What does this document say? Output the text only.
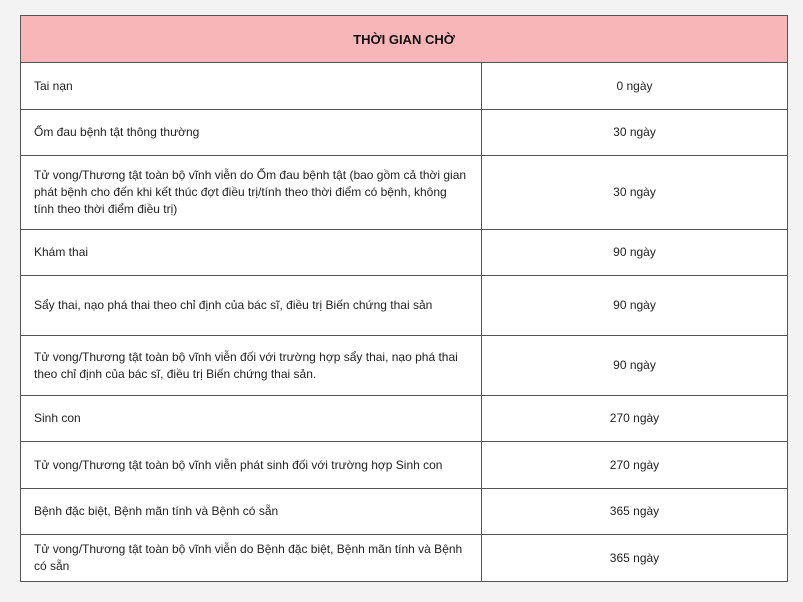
THỜI GIAN CHỜ	
Tai nạn	0 ngày
Ốm đau bệnh tật thông thường	30 ngày
Tử vong/Thương tật toàn bộ vĩnh viễn do Ốm đau bệnh tật (bao gồm cả thời gian phát bệnh cho đến khi kết thúc đợt điều trị/tính theo thời điểm có bệnh, không tính theo thời điểm điều trị)	30 ngày
Khám thai	90 ngày
Sẩy thai, nạo phá thai theo chỉ định của bác sĩ, điều trị Biến chứng thai sản	90 ngày
Tử vong/Thương tật toàn bộ vĩnh viễn đối với trường hợp sẩy thai, nạo phá thai theo chỉ định của bác sĩ, điều trị Biến chứng thai sản.	90 ngày
Sinh con	270 ngày
Tử vong/Thương tật toàn bộ vĩnh viễn phát sinh đối với trường hợp Sinh con	270 ngày
Bệnh đặc biệt, Bệnh mãn tính và Bệnh có sẵn	365 ngày
Tử vong/Thương tật toàn bộ vĩnh viễn do Bệnh đặc biệt, Bệnh mãn tính và Bệnh có sẵn	365 ngày
